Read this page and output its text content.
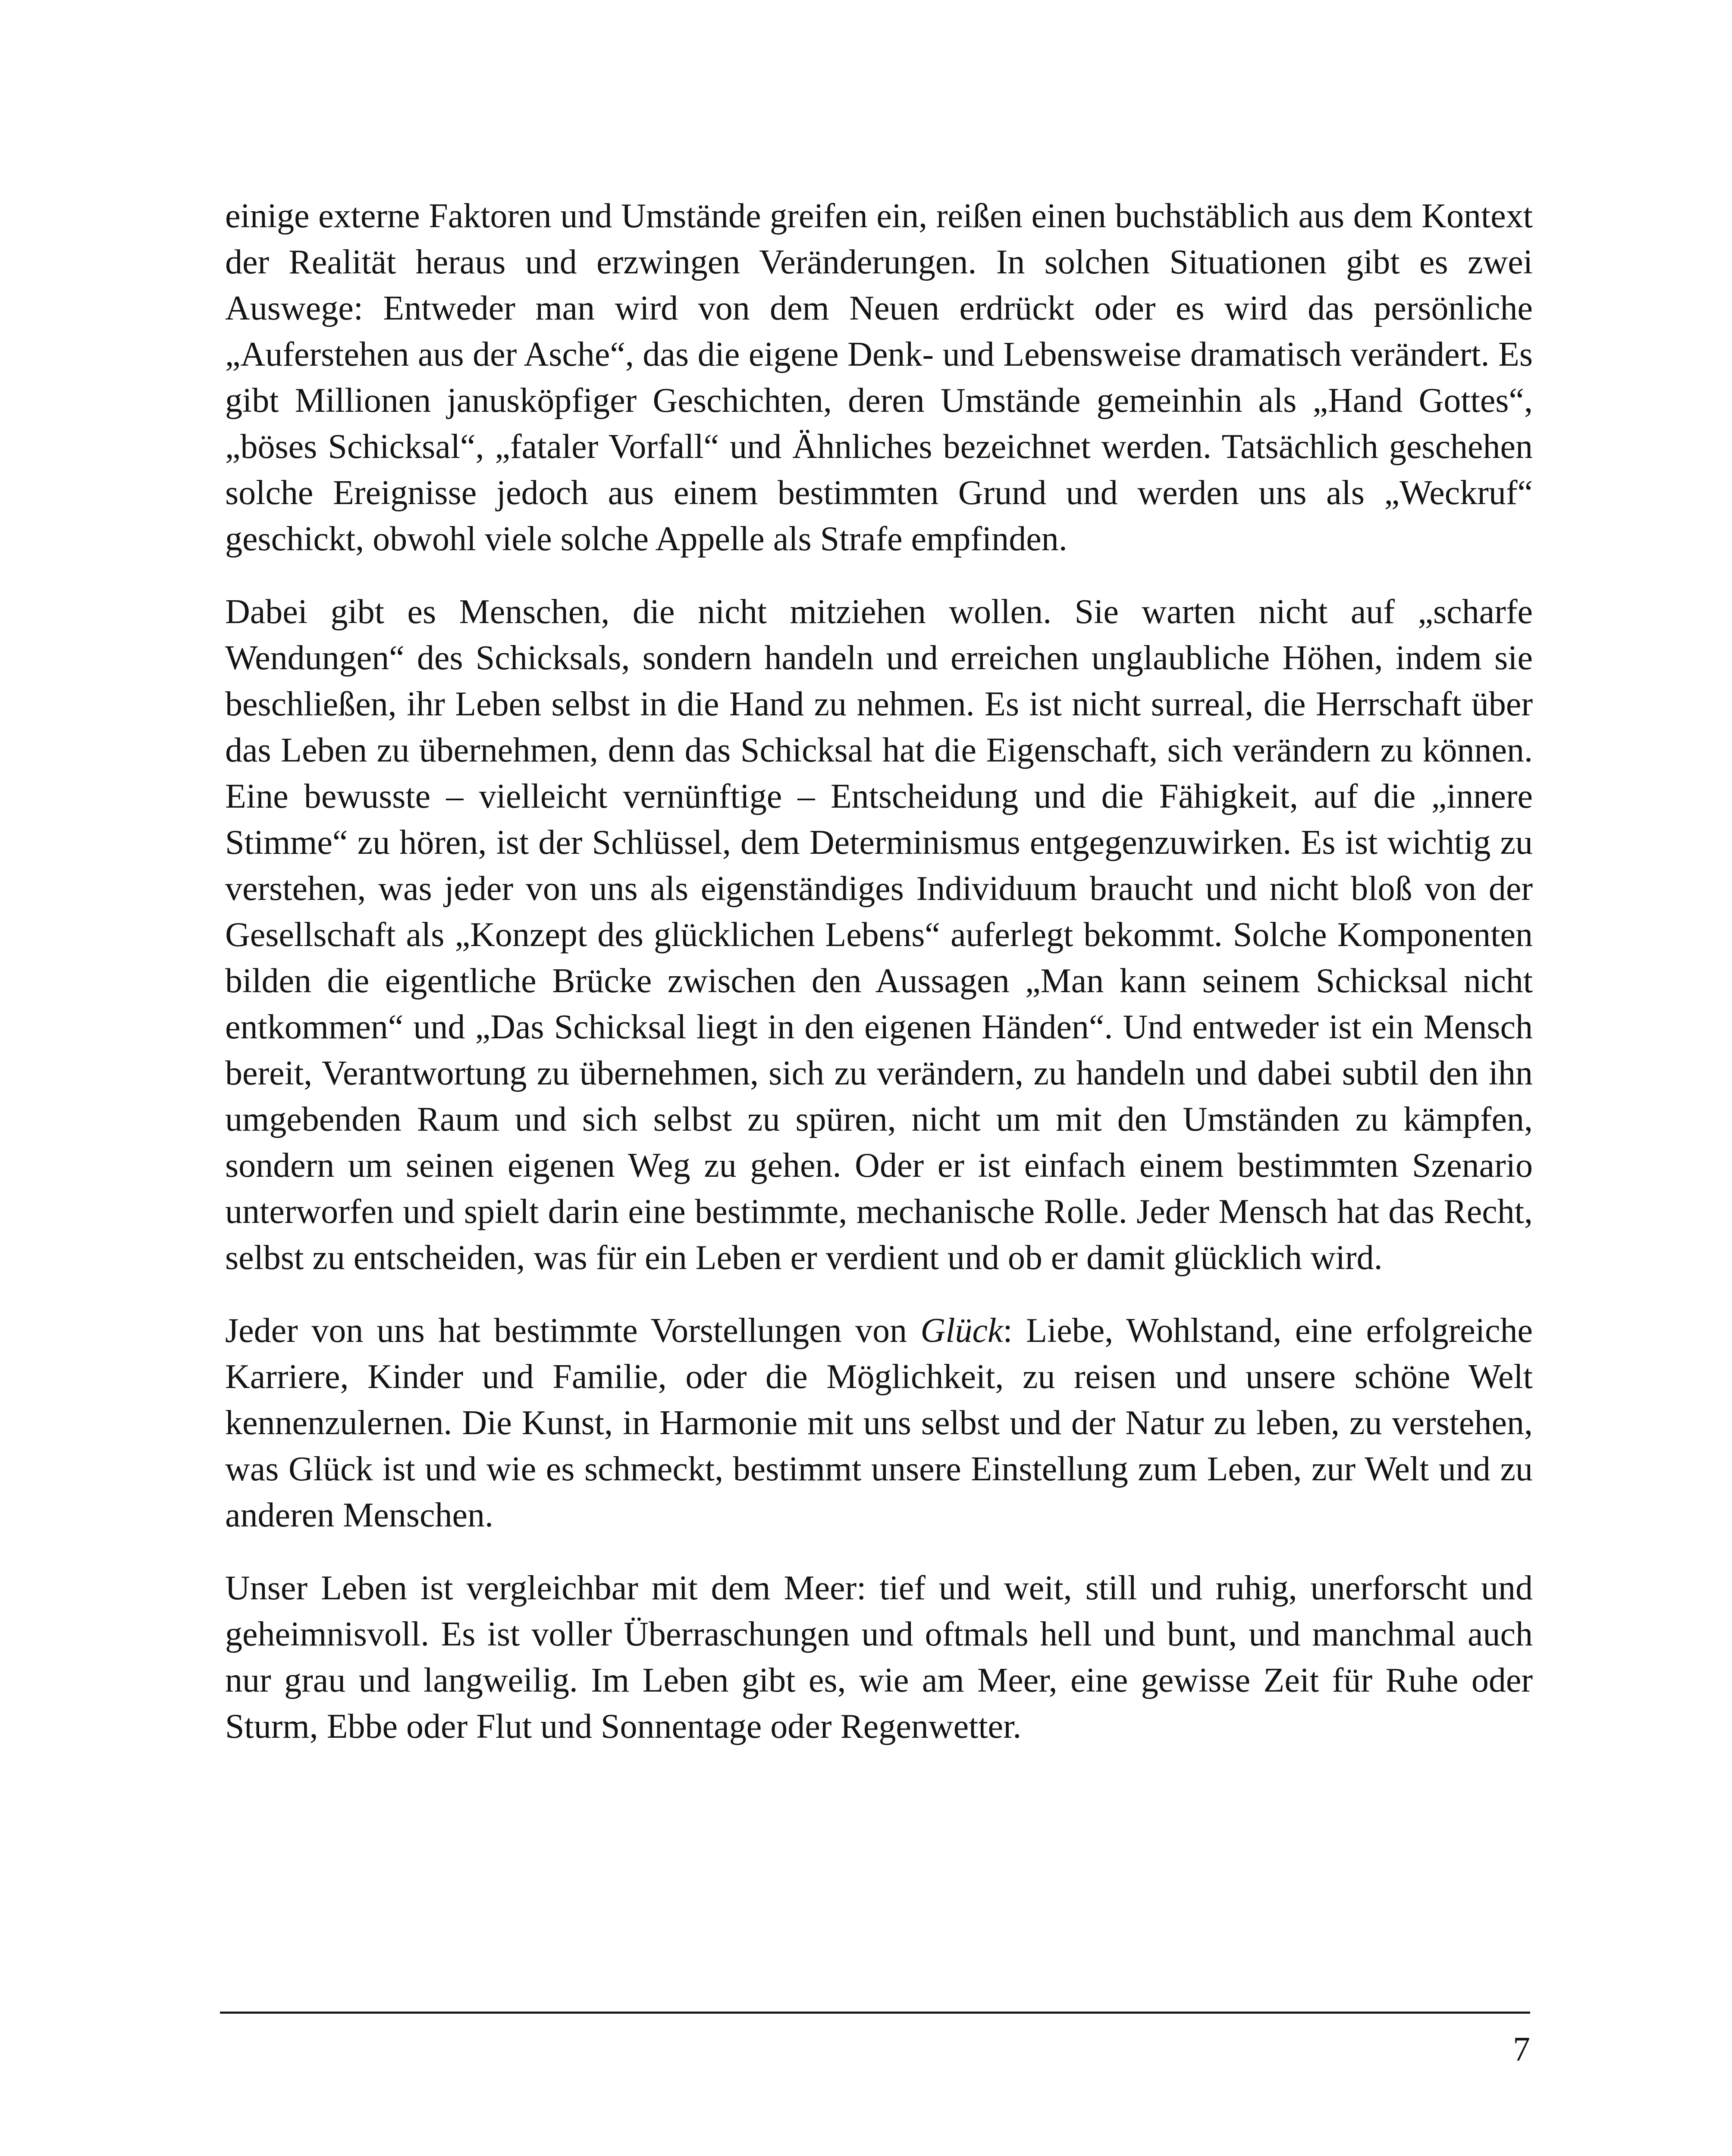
einige externe Faktoren und Umstände greifen ein, reißen einen buchstäblich aus dem Kontext der Realität heraus und erzwingen Veränderungen. In solchen Situationen gibt es zwei Auswege: Entweder man wird von dem Neuen erdrückt oder es wird das persönliche „Auferstehen aus der Asche“, das die eigene Denk- und Lebensweise dramatisch verändert. Es gibt Millionen janusköpfiger Geschichten, deren Umstände gemeinhin als „Hand Gottes“, „böses Schicksal“, „fataler Vorfall“ und Ähnliches bezeichnet werden. Tatsächlich geschehen solche Ereignisse jedoch aus einem bestimmten Grund und werden uns als „Weckruf“ geschickt, obwohl viele solche Appelle als Strafe empfinden.

Dabei gibt es Menschen, die nicht mitziehen wollen. Sie warten nicht auf „scharfe Wendungen“ des Schicksals, sondern handeln und erreichen unglaubliche Höhen, indem sie beschließen, ihr Leben selbst in die Hand zu nehmen. Es ist nicht surreal, die Herrschaft über das Leben zu übernehmen, denn das Schicksal hat die Eigenschaft, sich verändern zu können. Eine bewusste – vielleicht vernünftige – Entscheidung und die Fähigkeit, auf die „innere Stimme“ zu hören, ist der Schlüssel, dem Determinismus entgegenzuwirken. Es ist wichtig zu verstehen, was jeder von uns als eigenständiges Individuum braucht und nicht bloß von der Gesellschaft als „Konzept des glücklichen Lebens“ auferlegt bekommt. Solche Komponenten bilden die eigentliche Brücke zwischen den Aussagen „Man kann seinem Schicksal nicht entkommen“ und „Das Schicksal liegt in den eigenen Händen“. Und entweder ist ein Mensch bereit, Verantwortung zu übernehmen, sich zu verändern, zu handeln und dabei subtil den ihn umgebenden Raum und sich selbst zu spüren, nicht um mit den Umständen zu kämpfen, sondern um seinen eigenen Weg zu gehen. Oder er ist einfach einem bestimmten Szenario unterworfen und spielt darin eine bestimmte, mechanische Rolle. Jeder Mensch hat das Recht, selbst zu entscheiden, was für ein Leben er verdient und ob er damit glücklich wird.

Jeder von uns hat bestimmte Vorstellungen von Glück: Liebe, Wohlstand, eine erfolgreiche Karriere, Kinder und Familie, oder die Möglichkeit, zu reisen und unsere schöne Welt kennenzulernen. Die Kunst, in Harmonie mit uns selbst und der Natur zu leben, zu verstehen, was Glück ist und wie es schmeckt, bestimmt unsere Einstellung zum Leben, zur Welt und zu anderen Menschen.

Unser Leben ist vergleichbar mit dem Meer: tief und weit, still und ruhig, unerforscht und geheimnisvoll. Es ist voller Überraschungen und oftmals hell und bunt, und manchmal auch nur grau und langweilig. Im Leben gibt es, wie am Meer, eine gewisse Zeit für Ruhe oder Sturm, Ebbe oder Flut und Sonnentage oder Regenwetter.

7
